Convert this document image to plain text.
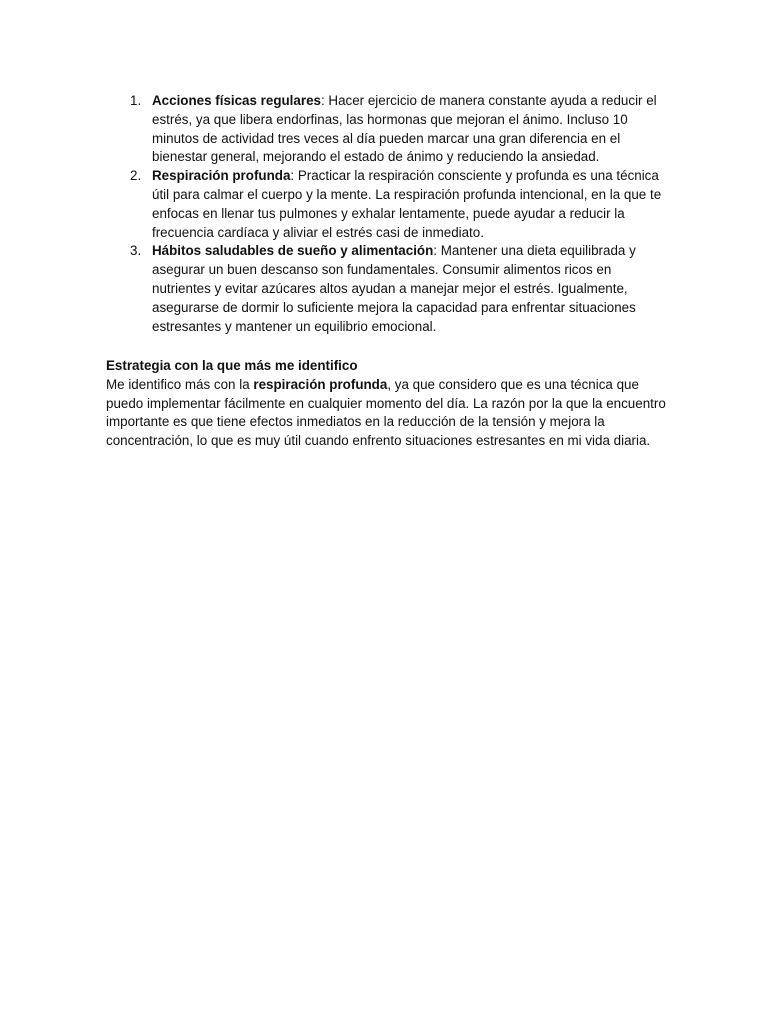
1. Acciones físicas regulares: Hacer ejercicio de manera constante ayuda a reducir el estrés, ya que libera endorfinas, las hormonas que mejoran el ánimo. Incluso 10 minutos de actividad tres veces al día pueden marcar una gran diferencia en el bienestar general, mejorando el estado de ánimo y reduciendo la ansiedad.
2. Respiración profunda: Practicar la respiración consciente y profunda es una técnica útil para calmar el cuerpo y la mente. La respiración profunda intencional, en la que te enfocas en llenar tus pulmones y exhalar lentamente, puede ayudar a reducir la frecuencia cardíaca y aliviar el estrés casi de inmediato.
3. Hábitos saludables de sueño y alimentación: Mantener una dieta equilibrada y asegurar un buen descanso son fundamentales. Consumir alimentos ricos en nutrientes y evitar azúcares altos ayudan a manejar mejor el estrés. Igualmente, asegurarse de dormir lo suficiente mejora la capacidad para enfrentar situaciones estresantes y mantener un equilibrio emocional.

Estrategia con la que más me identifico

Me identifico más con la respiración profunda, ya que considero que es una técnica que puedo implementar fácilmente en cualquier momento del día. La razón por la que la encuentro importante es que tiene efectos inmediatos en la reducción de la tensión y mejora la concentración, lo que es muy útil cuando enfrento situaciones estresantes en mi vida diaria.
